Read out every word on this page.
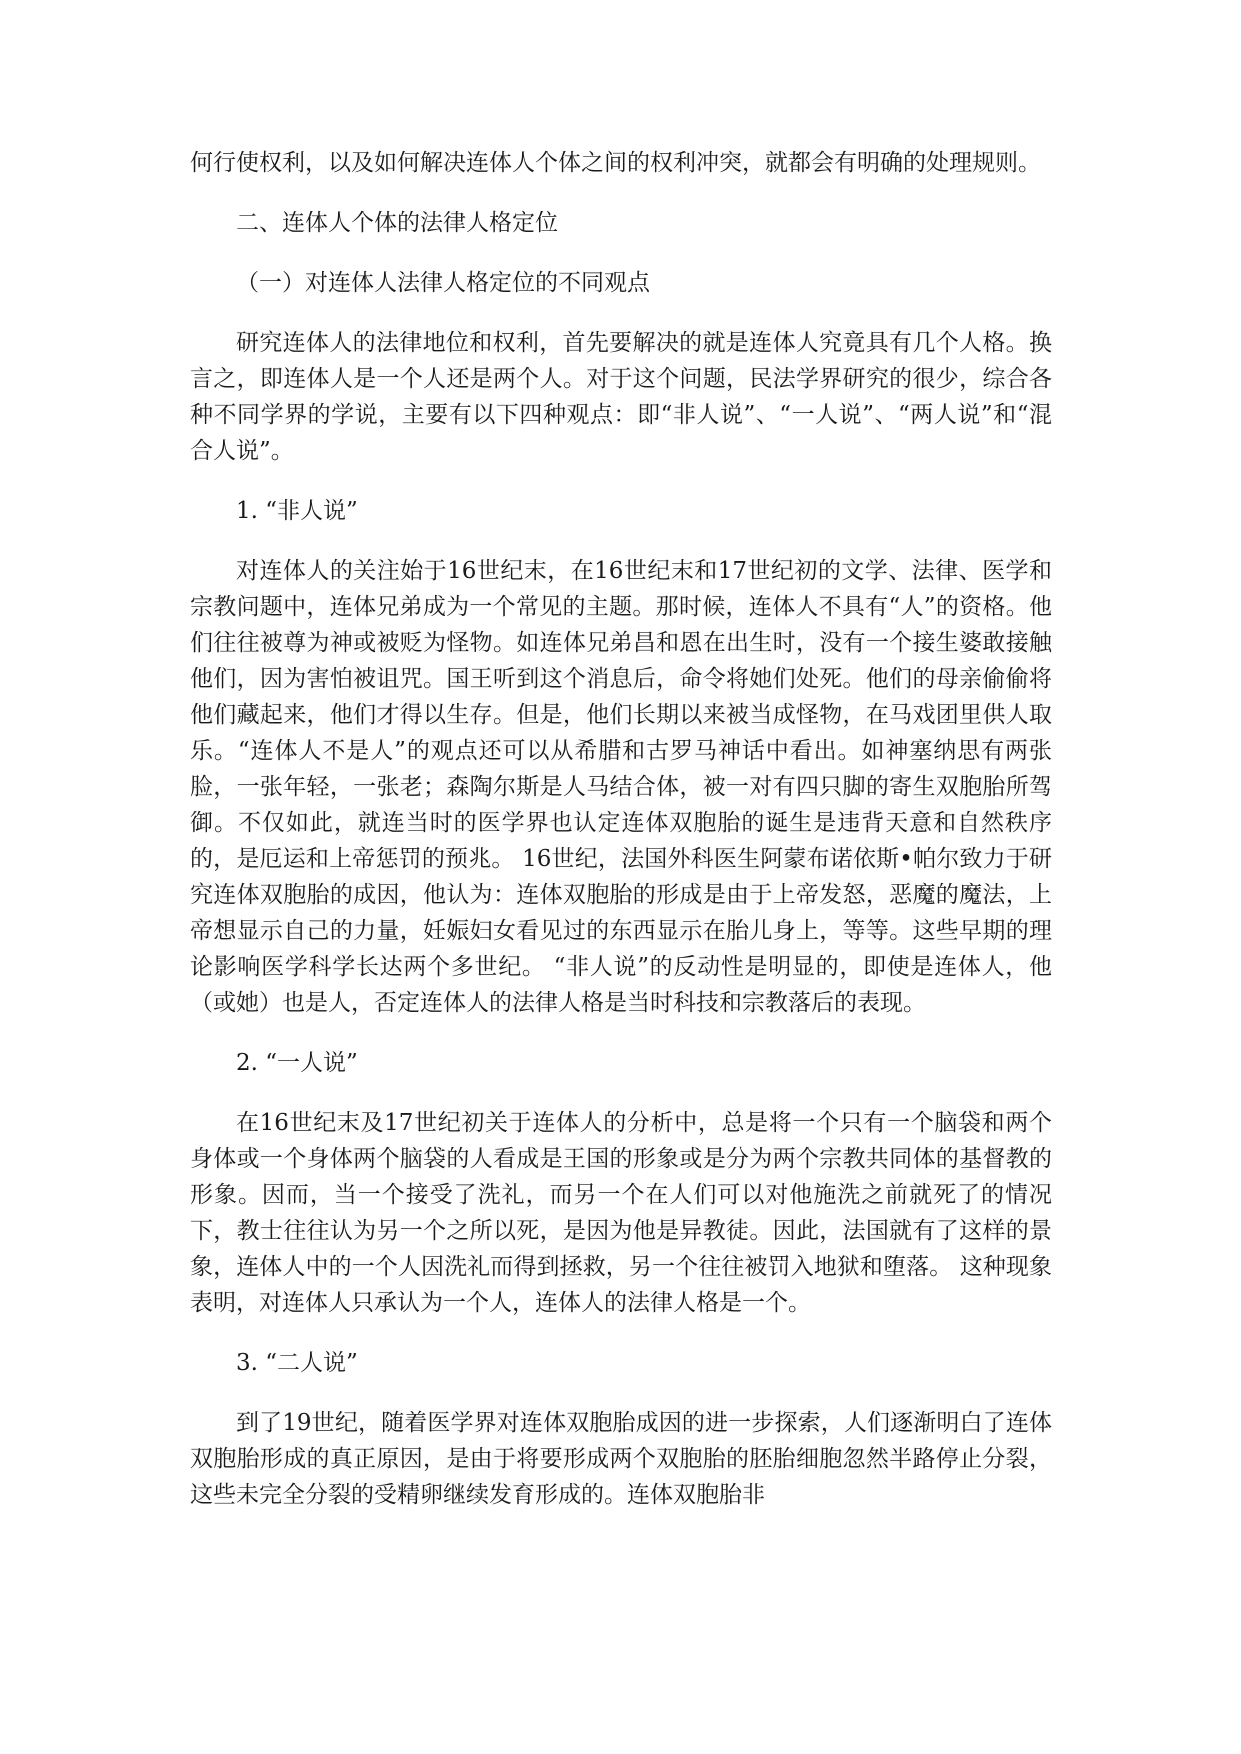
何行使权利，以及如何解决连体人个体之间的权利冲突，就都会有明确的处理规则。

二、连体人个体的法律人格定位

（一）对连体人法律人格定位的不同观点

研究连体人的法律地位和权利，首先要解决的就是连体人究竟具有几个人格。换言之，即连体人是一个人还是两个人。对于这个问题，民法学界研究的很少，综合各种不同学界的学说，主要有以下四种观点：即“非人说”、“一人说”、“两人说”和“混合人说”。

1. “非人说”

对连体人的关注始于16世纪末，在16世纪末和17世纪初的文学、法律、医学和宗教问题中，连体兄弟成为一个常见的主题。那时候，连体人不具有“人”的资格。他们往往被尊为神或被贬为怪物。如连体兄弟昌和恩在出生时，没有一个接生婆敢接触他们，因为害怕被诅咒。国王听到这个消息后，命令将她们处死。他们的母亲偷偷将他们藏起来，他们才得以生存。但是，他们长期以来被当成怪物，在马戏团里供人取乐。“连体人不是人”的观点还可以从希腊和古罗马神话中看出。如神塞纳思有两张脸，一张年轻，一张老；森陶尔斯是人马结合体，被一对有四只脚的寄生双胞胎所驾御。不仅如此，就连当时的医学界也认定连体双胞胎的诞生是违背天意和自然秩序的，是厄运和上帝惩罚的预兆。 16世纪，法国外科医生阿蒙布诺依斯•帕尔致力于研究连体双胞胎的成因，他认为：连体双胞胎的形成是由于上帝发怒，恶魔的魔法，上帝想显示自己的力量，妊娠妇女看见过的东西显示在胎儿身上，等等。这些早期的理论影响医学科学长达两个多世纪。 “非人说”的反动性是明显的，即使是连体人，他（或她）也是人，否定连体人的法律人格是当时科技和宗教落后的表现。

2. “一人说”

在16世纪末及17世纪初关于连体人的分析中，总是将一个只有一个脑袋和两个身体或一个身体两个脑袋的人看成是王国的形象或是分为两个宗教共同体的基督教的形象。因而，当一个接受了洗礼，而另一个在人们可以对他施洗之前就死了的情况下，教士往往认为另一个之所以死，是因为他是异教徒。因此，法国就有了这样的景象，连体人中的一个人因洗礼而得到拯救，另一个往往被罚入地狱和堕落。 这种现象表明，对连体人只承认为一个人，连体人的法律人格是一个。

3. “二人说”

到了19世纪，随着医学界对连体双胞胎成因的进一步探索，人们逐渐明白了连体双胞胎形成的真正原因，是由于将要形成两个双胞胎的胚胎细胞忽然半路停止分裂，这些未完全分裂的受精卵继续发育形成的。连体双胞胎非
